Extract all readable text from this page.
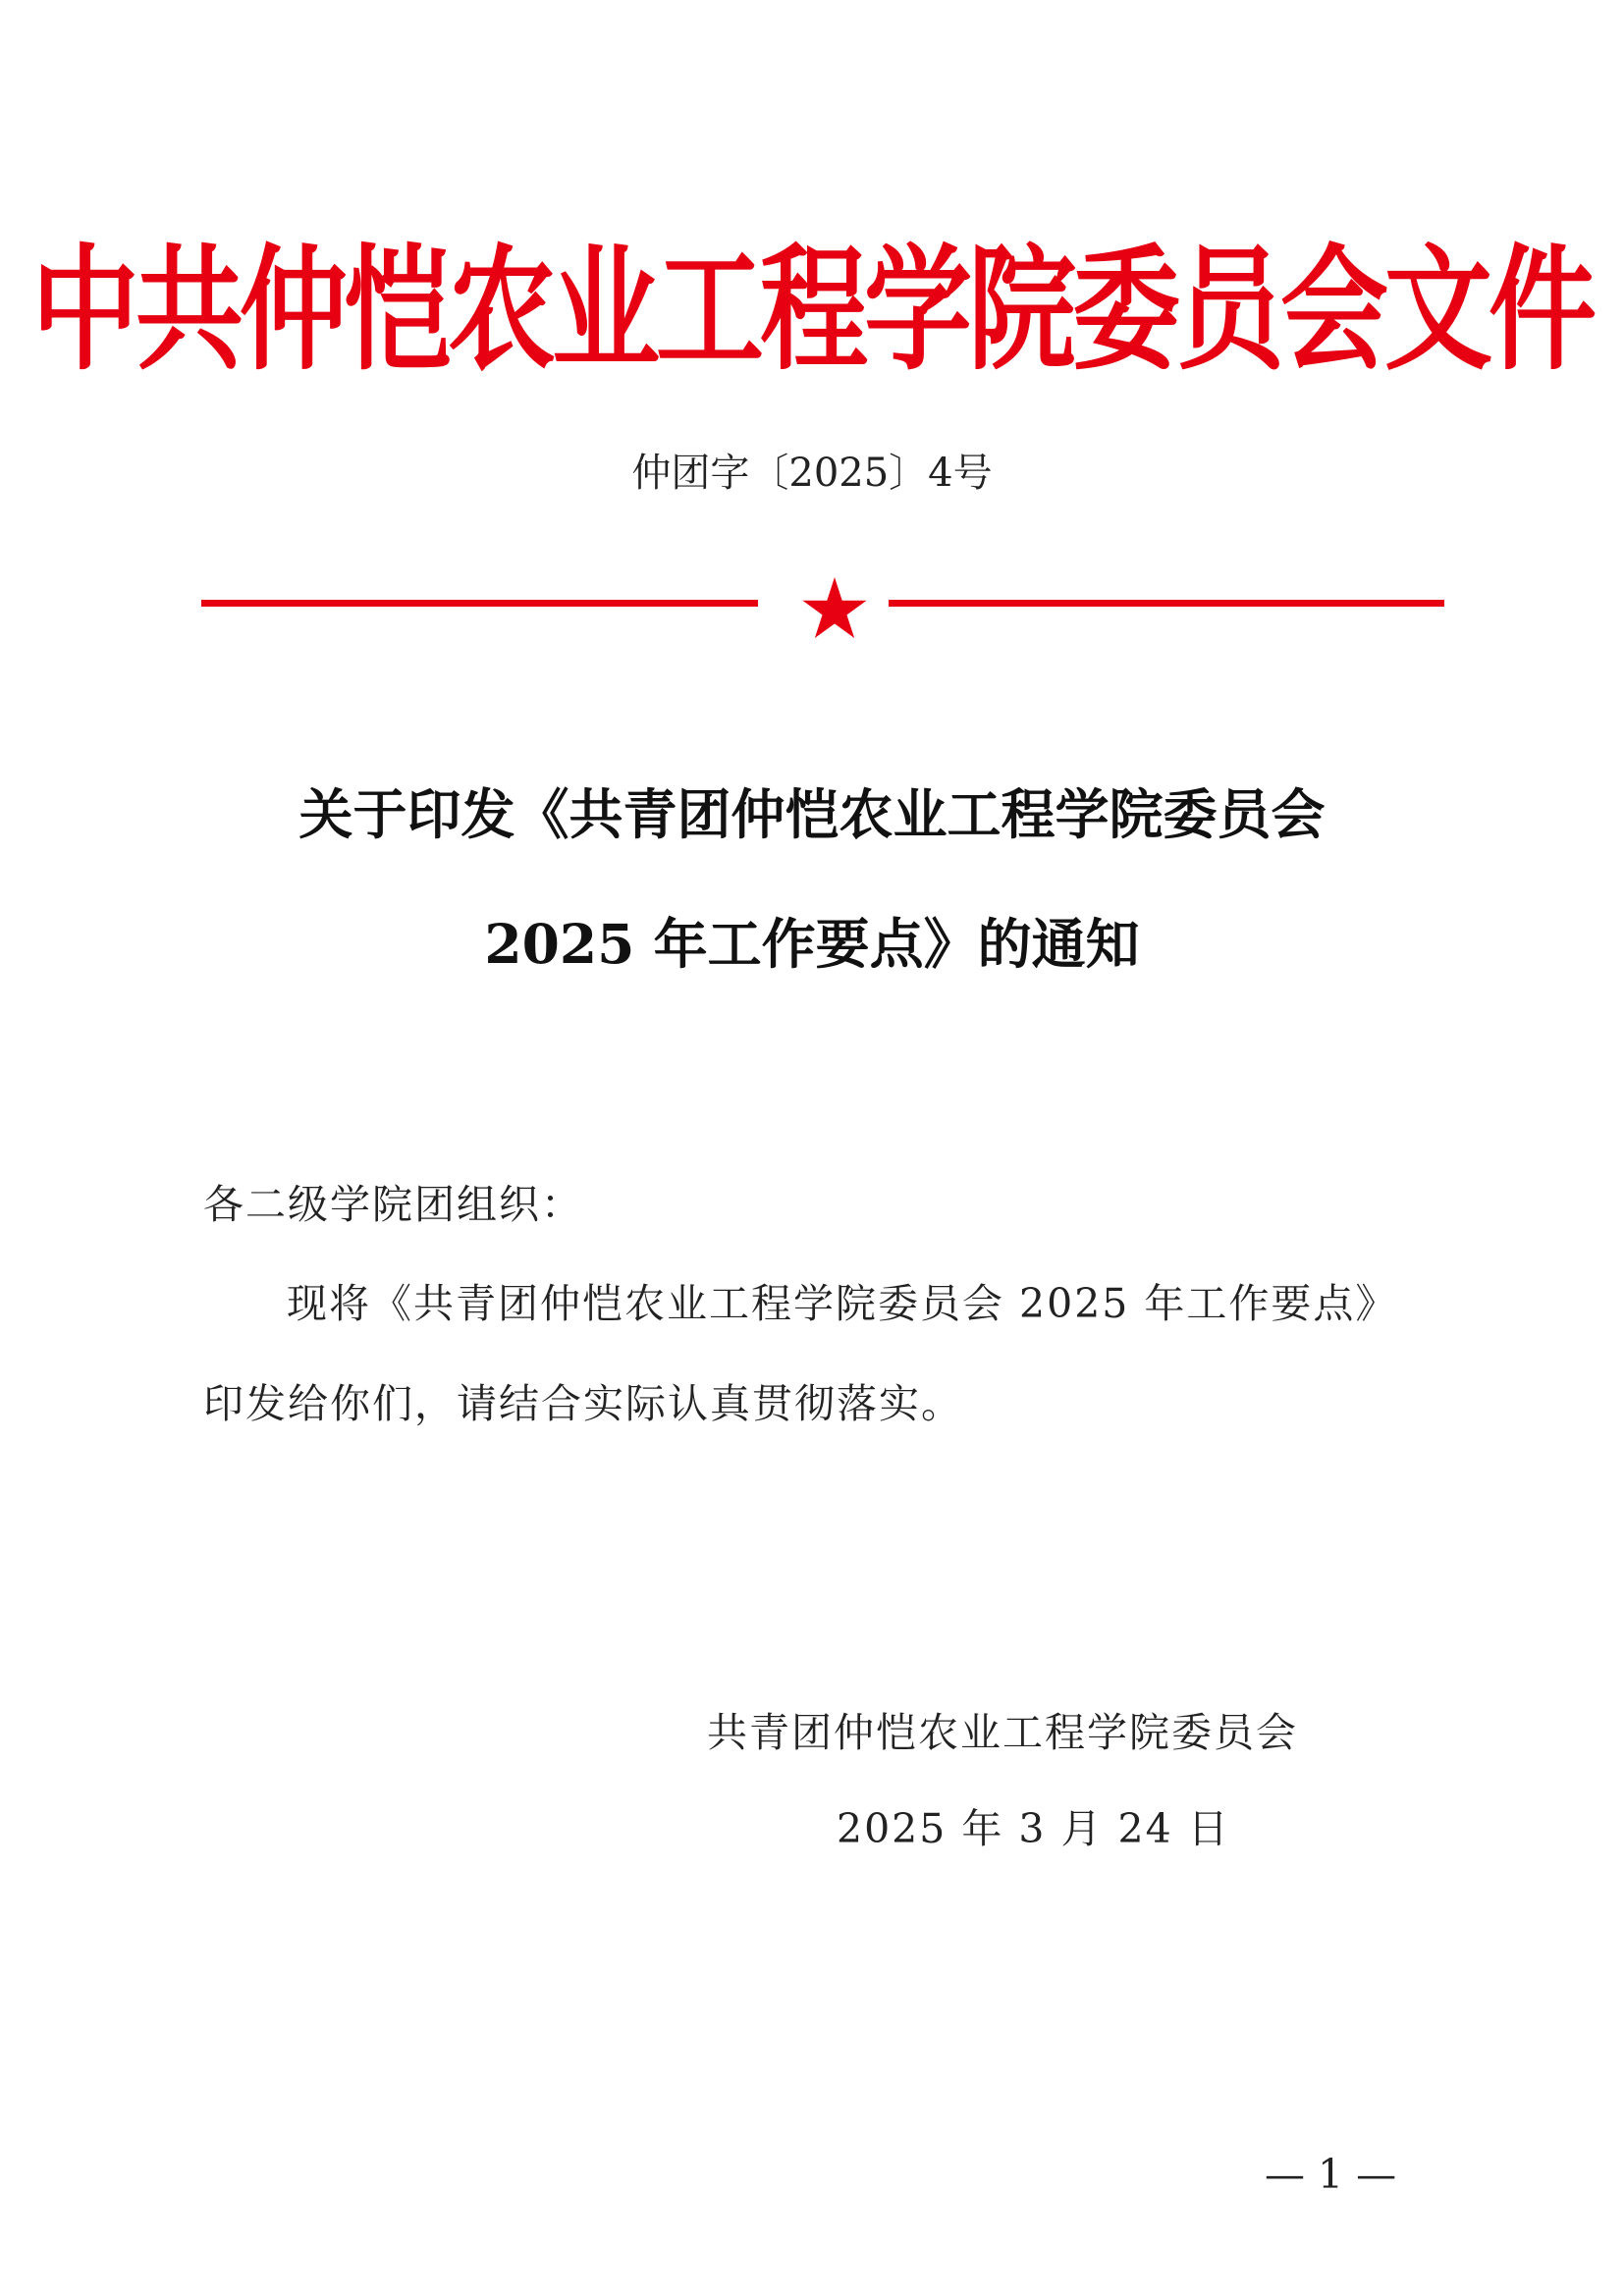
中共仲恺农业工程学院委员会文件
仲团字〔2025〕4号
关于印发《共青团仲恺农业工程学院委员会
2025 年工作要点》的通知
各二级学院团组织：
现将《共青团仲恺农业工程学院委员会 2025 年工作要点》
印发给你们，请结合实际认真贯彻落实。
共青团仲恺农业工程学院委员会
2025 年 3 月 24 日
— 1 —
